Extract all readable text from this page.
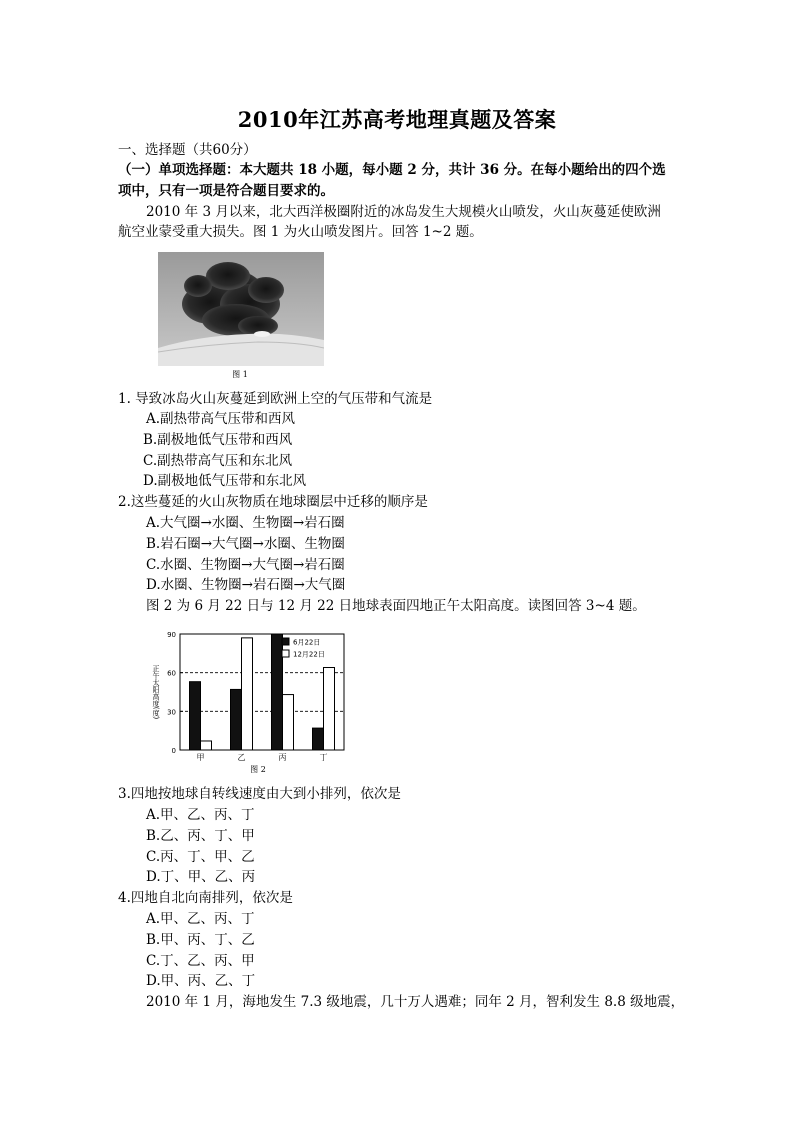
2010年江苏高考地理真题及答案
一、选择题（共60分）
（一）单项选择题：本大题共 18 小题，每小题 2 分，共计 36 分。在每小题给出的四个选
项中，只有一项是符合题目要求的。
2010 年 3 月以来，北大西洋极圈附近的冰岛发生大规模火山喷发，火山灰蔓延使欧洲
航空业蒙受重大损失。图 1 为火山喷发图片。回答 1~2 题。
图 1
1. 导致冰岛火山灰蔓延到欧洲上空的气压带和气流是
A.副热带高气压带和西风
B.副极地低气压带和西风
C.副热带高气压和东北风
D.副极地低气压带和东北风
2.这些蔓延的火山灰物质在地球圈层中迁移的顺序是
A.大气圈→水圈、生物圈→岩石圈
B.岩石圈→大气圈→水圈、生物圈
C.水圈、生物圈→大气圈→岩石圈
D.水圈、生物圈→岩石圈→大气圈
图 2 为 6 月 22 日与 12 月 22 日地球表面四地正午太阳高度。读图回答 3~4 题。
0
30
60
90
正午太阳高度(度)
甲	乙	丙	丁
6月22日
12月22日
图 2
3.四地按地球自转线速度由大到小排列，依次是
A.甲、乙、丙、丁
B.乙、丙、丁、甲
C.丙、丁、甲、乙
D.丁、甲、乙、丙
4.四地自北向南排列，依次是
A.甲、乙、丙、丁
B.甲、丙、丁、乙
C.丁、乙、丙、甲
D.甲、丙、乙、丁
2010 年 1 月，海地发生 7.3 级地震，几十万人遇难；同年 2 月，智利发生 8.8 级地震，
